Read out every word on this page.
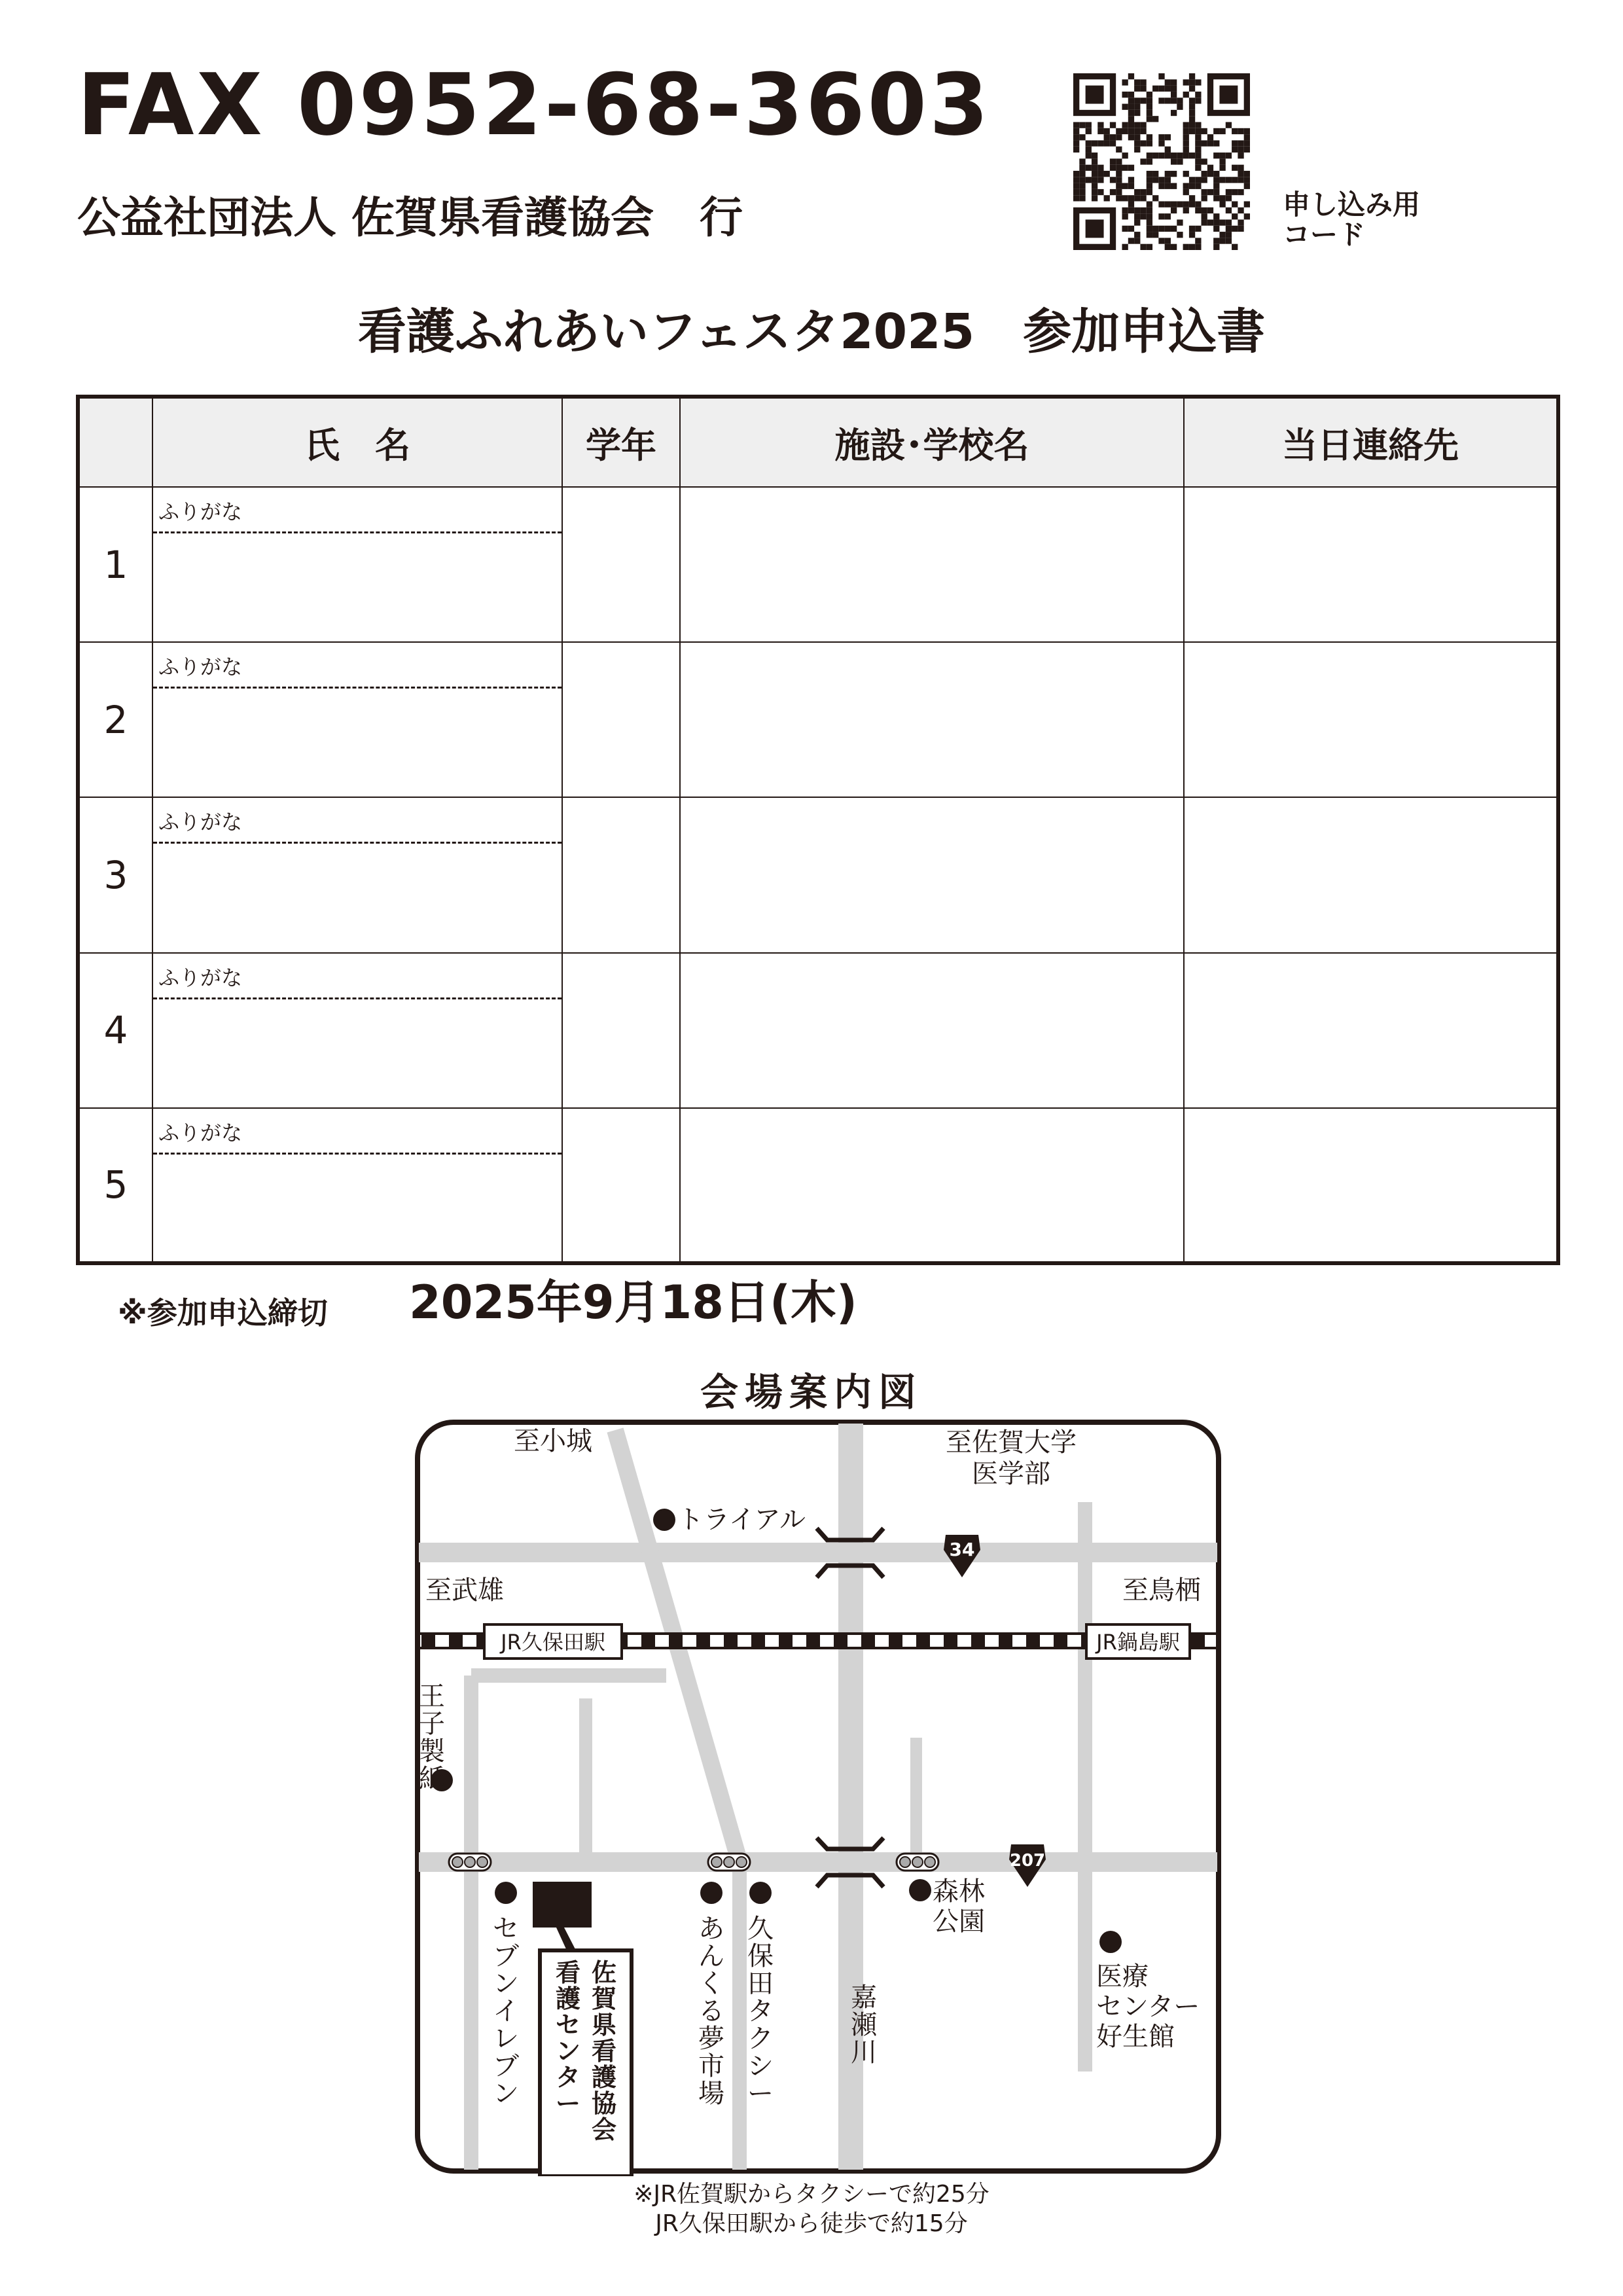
FAX 0952-68-3603
公益社団法人 佐賀県看護協会 行	申し込み用
コード
看護ふれあいフェスタ2025　参加申込書
	氏　名	学年	施設･学校名	当日連絡先
1	ふりがな			

2	ふりがな			

3	ふりがな			

4	ふりがな			

5	ふりがな			

※参加申込締切 2025年9月18日(木)
会場案内図
至小城	至佐賀大学
医学部
トライアル
34
至武雄	至鳥栖
JR久保田駅	JR鍋島駅
207
森林
公園
医療
センター
好生館
王
子
製
紙
セ
ブ
ン
イ
レ
ブ
ン
あ
ん
く
る
夢
市
場
久
保
田
タ
ク
シ
ー
嘉
瀬
川
佐
賀
県
看
護
協
会
看
護
セ
ン
タ
ー
※JR佐賀駅からタクシーで約25分
JR久保田駅から徒歩で約15分
